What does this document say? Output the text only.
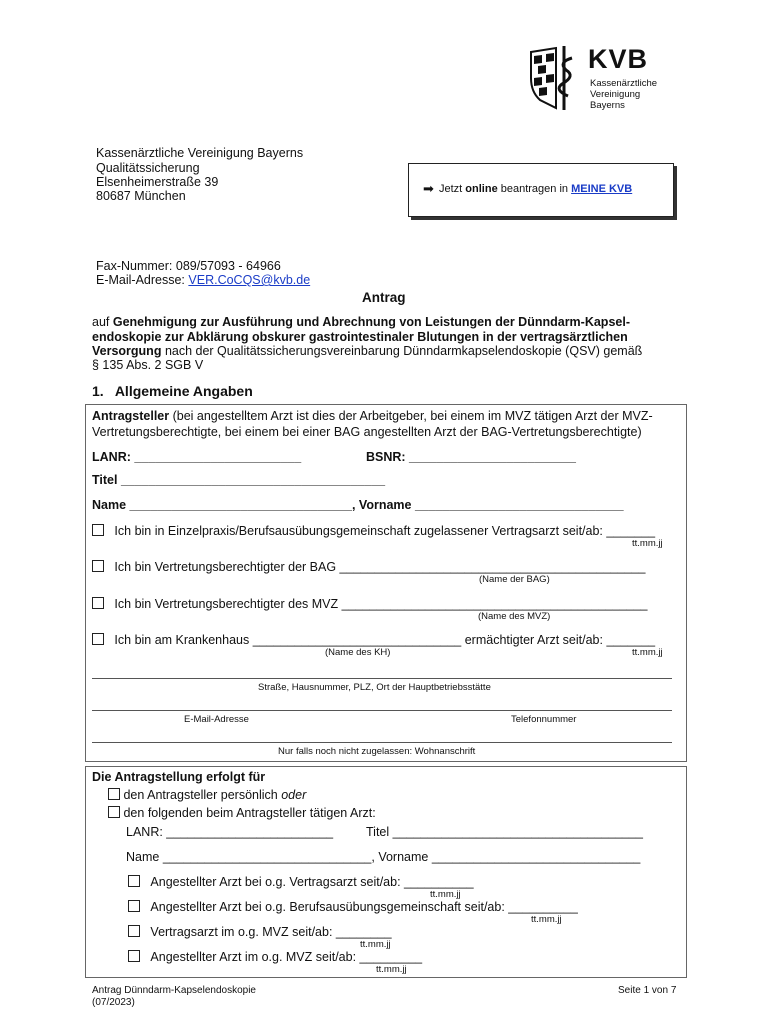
KVB
Kassenärztliche
Vereinigung
Bayerns
Kassenärztliche Vereinigung Bayerns
Qualitätssicherung
Elsenheimerstraße 39
80687 München	➡ Jetzt online beantragen in MEINE KVB
Fax-Nummer: 089/57093 - 64966
E-Mail-Adresse: VER.CoCQS@kvb.de
Antrag
auf Genehmigung zur Ausführung und Abrechnung von Leistungen der Dünndarm-Kapsel-
endoskopie zur Abklärung obskurer gastrointestinaler Blutungen in der vertragsärztlichen
Versorgung nach der Qualitätssicherungsvereinbarung Dünndarmkapselendoskopie (QSV) gemäß
§ 135 Abs. 2 SGB V
1.   Allgemeine Angaben
Antragsteller (bei angestelltem Arzt ist dies der Arbeitgeber, bei einem im MVZ tätigen Arzt der MVZ-
Vertretungsberechtigte, bei einem bei einer BAG angestellten Arzt der BAG-Vertretungsberechtigte)
LANR: ________________________	BSNR: ________________________
Titel ______________________________________
Name ________________________________, Vorname ______________________________
Ich bin in Einzelpraxis/Berufsausübungsgemeinschaft zugelassener Vertragsarzt seit/ab: _______
tt.mm.jj
Ich bin Vertretungsberechtigter der BAG ____________________________________________
(Name der BAG)
Ich bin Vertretungsberechtigter des MVZ ____________________________________________
(Name des MVZ)
Ich bin am Krankenhaus ______________________________ ermächtigter Arzt seit/ab: _______
(Name des KH)	tt.mm.jj
Straße, Hausnummer, PLZ, Ort der Hauptbetriebsstätte
E-Mail-Adresse	Telefonnummer
Nur falls noch nicht zugelassen: Wohnanschrift
Die Antragstellung erfolgt für
den Antragsteller persönlich oder
den folgenden beim Antragsteller tätigen Arzt:
LANR: ________________________	Titel ____________________________________
Name ______________________________, Vorname ______________________________
Angestellter Arzt bei o.g. Vertragsarzt seit/ab: __________
tt.mm.jj
Angestellter Arzt bei o.g. Berufsausübungsgemeinschaft seit/ab: __________
tt.mm.jj
Vertragsarzt im o.g. MVZ seit/ab: ________
tt.mm.jj
Angestellter Arzt im o.g. MVZ seit/ab: _________
tt.mm.jj
Antrag Dünndarm-Kapselendoskopie
(07/2023)
Seite 1 von 7
